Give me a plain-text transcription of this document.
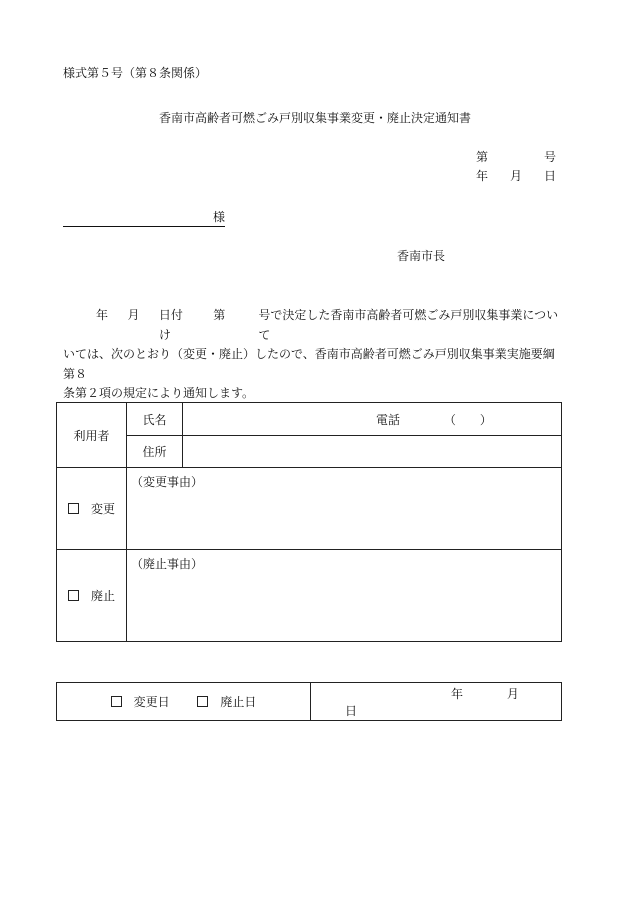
様式第５号（第８条関係）
香南市高齢者可燃ごみ戸別収集事業変更・廃止決定通知書
第	号
年 月 日
様
香南市長
年 月 日付け
第	号で決定した香南市高齢者可燃ごみ戸別収集事業について
いては、次のとおり（変更・廃止）したので、香南市高齢者可燃ごみ戸別収集事業実施要綱第８
条第２項の規定により通知します。
利用者	氏名	電話 （　　）
	住所	
変更	（変更事由）	
廃止	（廃止事由）	
変更日	廃止日	年	月 日
